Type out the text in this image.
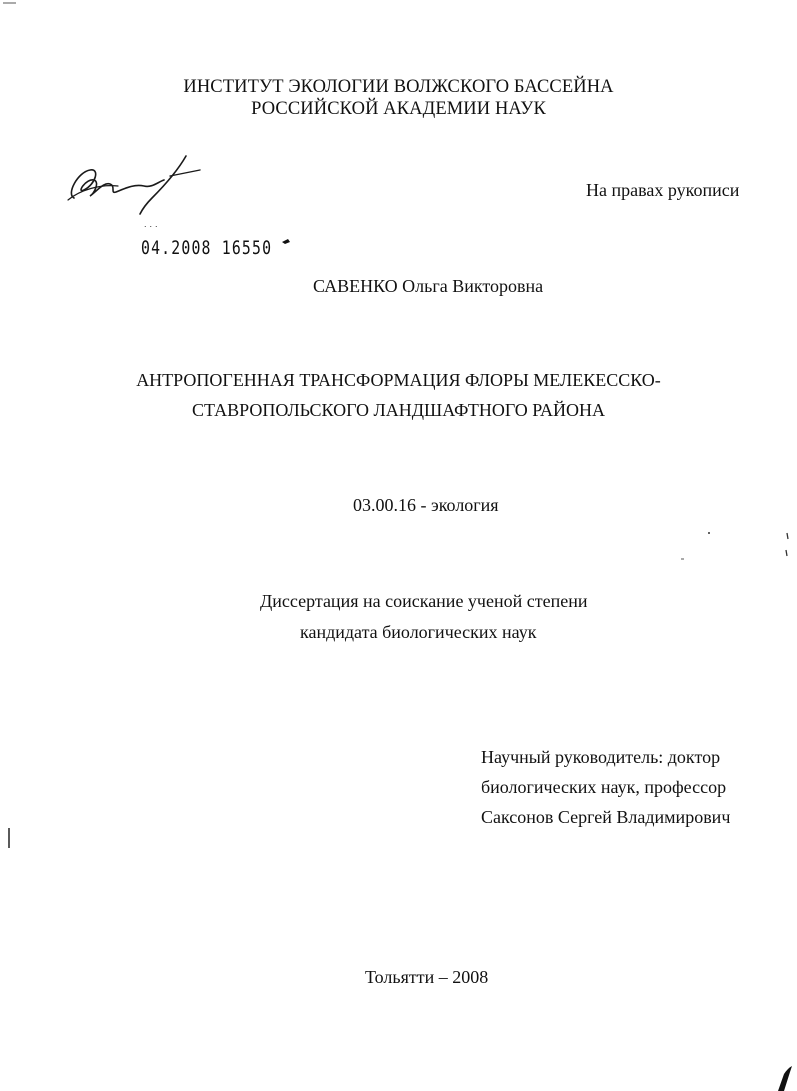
ИНСТИТУТ ЭКОЛОГИИ ВОЛЖСКОГО БАССЕЙНА
РОССИЙСКОЙ АКАДЕМИИ НАУК
На правах рукописи
˙˙˙
04.2008 16550
САВЕНКО Ольга Викторовна
АНТРОПОГЕННАЯ ТРАНСФОРМАЦИЯ ФЛОРЫ МЕЛЕКЕССКО-
СТАВРОПОЛЬСКОГО ЛАНДШАФТНОГО РАЙОНА
03.00.16 - экология
Диссертация на соискание ученой степени
кандидата биологических наук
Научный руководитель: доктор
биологических наук, профессор
Саксонов Сергей Владимирович
Тольятти – 2008
